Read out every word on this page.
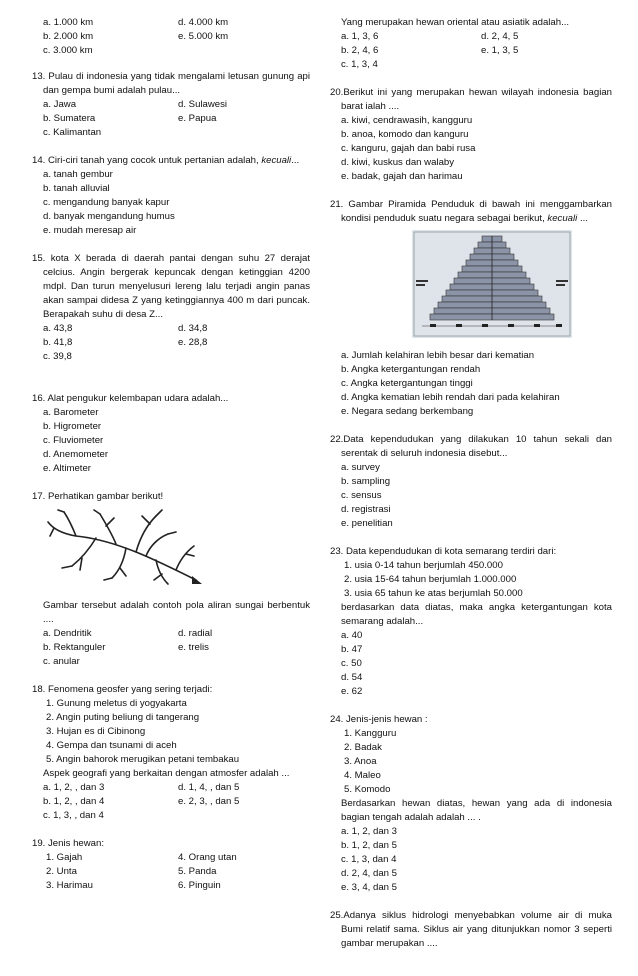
a. 1.000 km	d. 4.000 km
b. 2.000 km	e. 5.000 km
c. 3.000 km
13. Pulau di indonesia yang tidak mengalami letusan gunung api dan gempa bumi adalah pulau...
a. Jawa	d. Sulawesi
b. Sumatera	e. Papua
c. Kalimantan
14. Ciri-ciri tanah yang cocok untuk pertanian adalah, kecuali...
a. tanah gembur
b. tanah alluvial
c. mengandung banyak kapur
d. banyak mengandung humus
e. mudah meresap air
15. kota X berada di daerah pantai dengan suhu 27 derajat celcius. Angin bergerak kepuncak dengan ketinggian 4200 mdpl. Dan turun menyelusuri lereng lalu terjadi angin panas akan sampai didesa Z yang ketinggiannya 400 m dari puncak. Berapakah suhu di desa Z...
a. 43,8	d. 34,8
b. 41,8	e. 28,8
c. 39,8
16. Alat pengukur kelembapan udara adalah...
a. Barometer
b. Higrometer
c. Fluviometer
d. Anemometer
e. Altimeter
17. Perhatikan gambar berikut!
Gambar tersebut adalah contoh pola aliran sungai berbentuk ....
a. Dendritik	d. radial
b. Rektanguler	e. trelis
c. anular
18. Fenomena geosfer yang sering terjadi:
1. Gunung meletus di yogyakarta
2. Angin puting beliung di tangerang
3. Hujan es di Cibinong
4. Gempa dan tsunami di aceh
5. Angin bahorok merugikan petani tembakau
Aspek geografi yang berkaitan dengan atmosfer adalah ...
a. 1, 2, , dan 3	d. 1, 4, , dan 5
b. 1, 2, , dan 4	e. 2, 3, , dan 5
c. 1, 3, , dan 4
19. Jenis hewan:
1. Gajah	4. Orang utan
2. Unta	5. Panda
3. Harimau	6. Pinguin
Yang merupakan hewan oriental atau asiatik adalah...
a. 1, 3, 6	d. 2, 4, 5
b. 2, 4, 6	e. 1, 3, 5
c. 1, 3, 4
20.Berikut ini yang merupakan hewan wilayah indonesia bagian barat ialah ....
a. kiwi, cendrawasih, kangguru
b. anoa, komodo dan kanguru
c. kanguru, gajah dan babi rusa
d. kiwi, kuskus dan walaby
e. badak, gajah dan harimau
21. Gambar Piramida Penduduk di bawah ini menggambarkan kondisi penduduk suatu negara sebagai berikut, kecuali ...
a. Jumlah kelahiran lebih besar dari kematian
b. Angka ketergantungan rendah
c. Angka ketergantungan tinggi
d. Angka kematian lebih rendah dari pada kelahiran
e. Negara sedang berkembang
22.Data kependudukan yang dilakukan 10 tahun sekali dan serentak di seluruh indonesia disebut...
a. survey
b. sampling
c. sensus
d. registrasi
e. penelitian
23. Data kependudukan di kota semarang terdiri dari:
1. usia 0-14 tahun berjumlah 450.000
2. usia 15-64 tahun berjumlah 1.000.000
3. usia 65 tahun ke atas berjumlah 50.000
berdasarkan data diatas, maka angka ketergantungan kota semarang adalah...
a. 40
b. 47
c. 50
d. 54
e. 62
24. Jenis-jenis hewan :
1. Kangguru
2. Badak
3. Anoa
4. Maleo
5. Komodo
Berdasarkan hewan diatas, hewan yang ada di indonesia bagian tengah adalah adalah ... .
a. 1, 2, dan 3
b. 1, 2, dan 5
c. 1, 3, dan 4
d. 2, 4, dan 5
e. 3, 4, dan 5
25.Adanya siklus hidrologi menyebabkan volume air di muka Bumi relatif sama. Siklus air yang ditunjukkan nomor 3 seperti gambar merupakan ....
